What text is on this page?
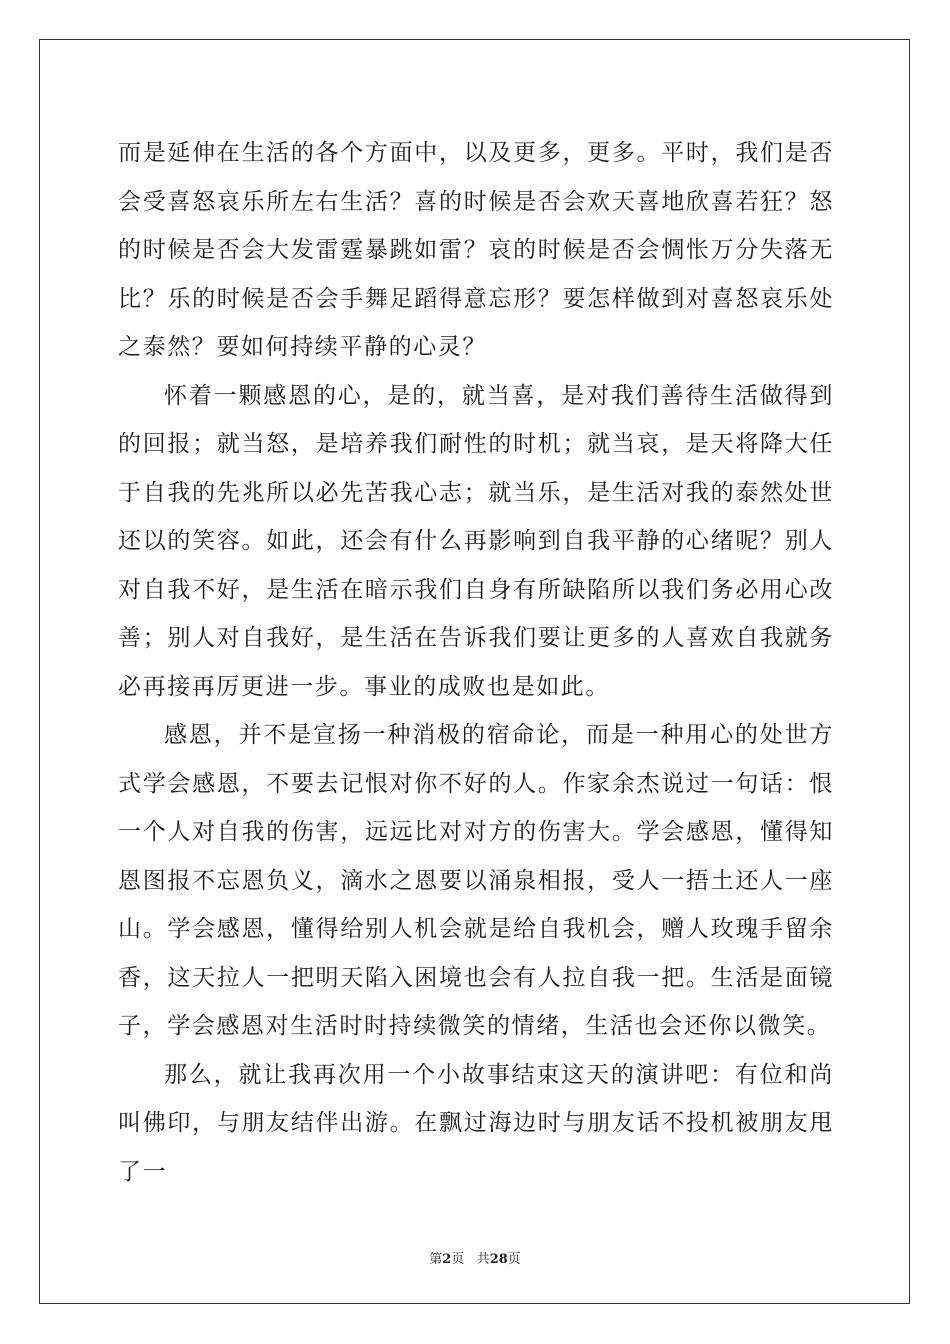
而是延伸在生活的各个方面中，以及更多，更多。平时，我们是否会受喜怒哀乐所左右生活？喜的时候是否会欢天喜地欣喜若狂？怒的时候是否会大发雷霆暴跳如雷？哀的时候是否会惆怅万分失落无比？乐的时候是否会手舞足蹈得意忘形？要怎样做到对喜怒哀乐处之泰然？要如何持续平静的心灵？

怀着一颗感恩的心，是的，就当喜，是对我们善待生活做得到的回报；就当怒，是培养我们耐性的时机；就当哀，是天将降大任于自我的先兆所以必先苦我心志；就当乐，是生活对我的泰然处世还以的笑容。如此，还会有什么再影响到自我平静的心绪呢？别人对自我不好，是生活在暗示我们自身有所缺陷所以我们务必用心改善；别人对自我好，是生活在告诉我们要让更多的人喜欢自我就务必再接再厉更进一步。事业的成败也是如此。

感恩，并不是宣扬一种消极的宿命论，而是一种用心的处世方式学会感恩，不要去记恨对你不好的人。作家余杰说过一句话：恨一个人对自我的伤害，远远比对对方的伤害大。学会感恩，懂得知恩图报不忘恩负义，滴水之恩要以涌泉相报，受人一捂土还人一座山。学会感恩，懂得给别人机会就是给自我机会，赠人玫瑰手留余香，这天拉人一把明天陷入困境也会有人拉自我一把。生活是面镜子，学会感恩对生活时时持续微笑的情绪，生活也会还你以微笑。

那么，就让我再次用一个小故事结束这天的演讲吧：有位和尚叫佛印，与朋友结伴出游。在飘过海边时与朋友话不投机被朋友甩了一

第2页 共28页
